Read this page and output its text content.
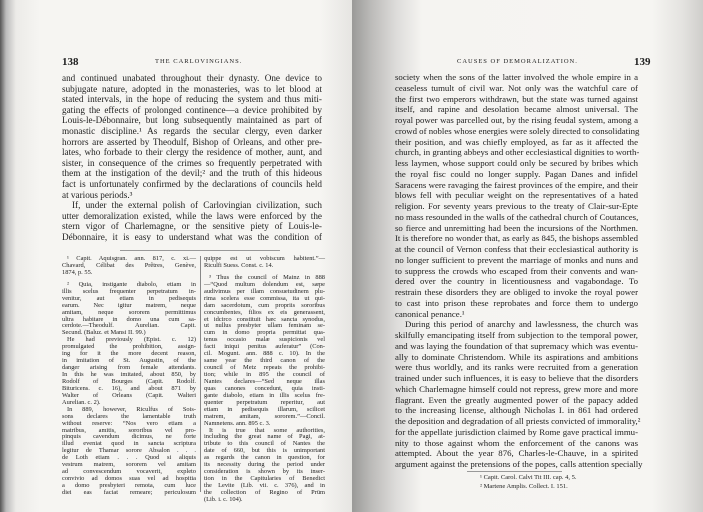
138	THE CARLOVINGIANS.
and continued unabated throughout their dynasty. One device to
subjugate nature, adopted in the monasteries, was to let blood at
stated intervals, in the hope of reducing the system and thus miti-
gating the effects of prolonged continence—a device prohibited by
Louis-le-Débonnaire, but long subsequently maintained as part of
monastic discipline.¹ As regards the secular clergy, even darker
horrors are asserted by Theodulf, Bishop of Orleans, and other pre-
lates, who forbade to their clergy the residence of mother, aunt, and
sister, in consequence of the crimes so frequently perpetrated with
them at the instigation of the devil;² and the truth of this hideous
fact is unfortunately confirmed by the declarations of councils held
at various periods.³
If, under the external polish of Carlovingian civilization, such
utter demoralization existed, while the laws were enforced by the
stern vigor of Charlemagne, or the sensitive piety of Louis-le-
Débonnaire, it is easy to understand what was the condition of
¹ Capit. Aquisgran. ann. 817, c. xi.—
Chavard, Célibat des Prêtres, Genève,
1874, p. 55.
² Quia, instigante diabolo, etiam in
illis scelus frequenter perpetratum in-
venitur, aut etiam in pedisequis
earum. Nec igitur matrem, neque
amitam, neque sororem permittimus
ultra habitare in domo una cum sa-
cerdote.—Theodulf. Aurelian. Capit.
Secund. (Baluz. et Mansi II. 99.)
He had previously (Epist. c. 12)
promulgated the prohibition, assign-
ing for it the more decent reason,
in imitation of St. Augustin, of the
danger arising from female attendants.
In this he was imitated, about 850, by
Rodolf of Bourges (Capit. Rodolf.
Bituricens. c. 16), and about 871 by
Walter of Orleans (Capit. Walteri
Aurelian. c. 2).
In 889, however, Riculfus of Sois-
sons declares the lamentable truth
without reserve: “Nos vero etiam a
matribus, amitis, sororibus vel pro-
pinquis cavendum dicimus, ne forte
illud eveniat quod in sancta scriptura
legitur de Thamar sorore Absalon . . .
de Loth etiam . . . Quod si aliquis
vestrum matrem, sororem vel amitam
ad convescendum vocaverit, expleto
convivio ad domos suas vel ad hospitia
a domo presbyteri remota, cum luce
diei eas faciat remeare; periculosum
quippe est ut vobiscum habitent.”—
Riculfi Suess. Const. c. 14.
³ Thus the council of Mainz in 888
—“Quod multum dolendum est, sæpe
audivimus per illam consuetudinem plu-
rima scelera esse commissa, ita ut qui-
dam sacerdotum, cum propriis sororibus
concumbentes, filios ex eis generassent,
et idcirco constituit hæc sancta synodus,
ut nullus presbyter ullam feminam se-
cum in domo propria permittat qua-
tenus occasio malæ suspicionis vel
facti iniqui penitus auferatur” (Con-
cil. Mogunt. ann. 888 c. 10). In the
same year the third canon of the
council of Metz repeats the prohibi-
tion; while in 895 the council of
Nantes declares—“Sed neque illas
quas canones concedunt, quia insti-
gante diabolo, etiam in illis scelus fre-
quenter perpetratum reperitur, aut
etiam in pedisequis illarum, scilicet
matrem, amitam, sororem.”—Concil.
Namnetens. ann. 895 c. 3.
It is true that some authorities,
including the great name of Pagi, at-
tribute to this council of Nantes the
date of 660, but this is unimportant
as regards the canon in question, for
its necessity during the period under
consideration is shown by its inser-
tion in the Capitularies of Benedict
the Levite (Lib. vii. c. 376), and in
the collection of Regino of Prüm
(Lib. i. c. 104).
CAUSES OF DEMORALIZATION.	139
society when the sons of the latter involved the whole empire in a
ceaseless tumult of civil war. Not only was the watchful care of
the first two emperors withdrawn, but the state was turned against
itself, and rapine and desolation became almost universal. The
royal power was parcelled out, by the rising feudal system, among a
crowd of nobles whose energies were solely directed to consolidating
their position, and was chiefly employed, as far as it affected the
church, in granting abbeys and other ecclesiastical dignities to worth-
less laymen, whose support could only be secured by bribes which
the royal fisc could no longer supply. Pagan Danes and infidel
Saracens were ravaging the fairest provinces of the empire, and their
blows fell with peculiar weight on the representatives of a hated
religion. For seventy years previous to the treaty of Clair-sur-Epte
no mass resounded in the walls of the cathedral church of Coutances,
so fierce and unremitting had been the incursions of the Northmen.
It is therefore no wonder that, as early as 845, the bishops assembled
at the council of Vernon confess that their ecclesiastical authority is
no longer sufficient to prevent the marriage of monks and nuns and
to suppress the crowds who escaped from their convents and wan-
dered over the country in licentiousness and vagabondage. To
restrain these disorders they are obliged to invoke the royal power
to cast into prison these reprobates and force them to undergo
canonical penance.¹
During this period of anarchy and lawlessness, the church was
skilfully emancipating itself from subjection to the temporal power,
and was laying the foundation of that supremacy which was eventu-
ally to dominate Christendom. While its aspirations and ambitions
were thus worldly, and its ranks were recruited from a generation
trained under such influences, it is easy to believe that the disorders
which Charlemagne himself could not repress, grew more and more
flagrant. Even the greatly augmented power of the papacy added
to the increasing license, although Nicholas I. in 861 had ordered
the deposition and degradation of all priests convicted of immorality,²
for the appellate jurisdiction claimed by Rome gave practical immu-
nity to those against whom the enforcement of the canons was
attempted. About the year 876, Charles-le-Chauve, in a spirited
argument against the pretensions of the popes, calls attention specially
¹ Capit. Carol. Calvi Tit III. cap. 4, 5.
² Martene Amplis. Collect. I. 151.
